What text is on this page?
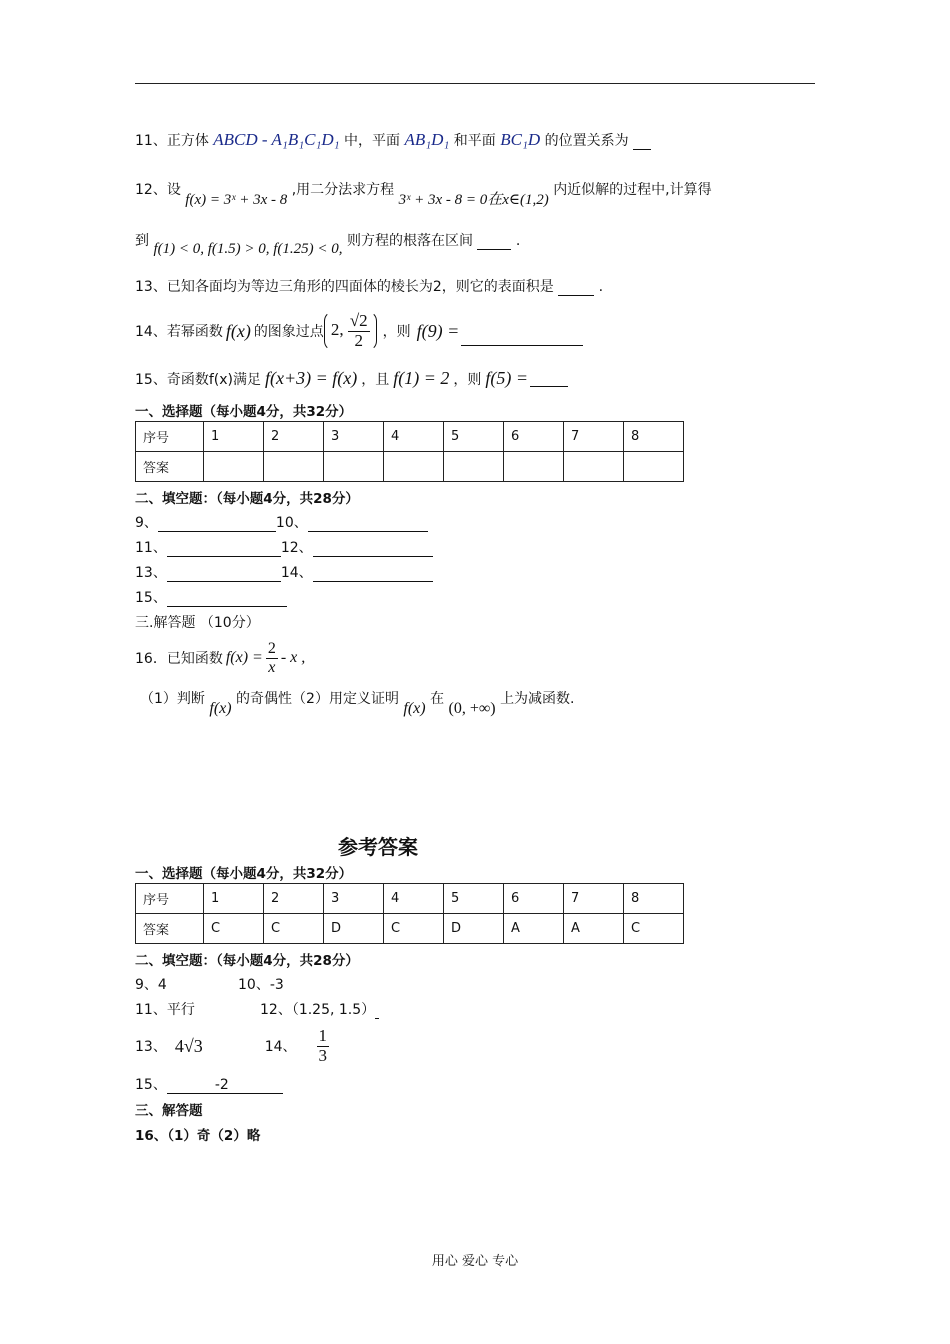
11、正方体 ABCD - A₁B₁C₁D₁ 中，平面 AB₁D₁ 和平面 BC₁D 的位置关系为
12、设 f(x) = 3ˣ + 3x - 8 ,用二分法求方程 3ˣ + 3x - 8 = 0在x∈(1,2) 内近似解的过程中,计算得
到 f(1) < 0, f(1.5) > 0, f(1.25) < 0, 则方程的根落在区间	.
13、已知各面均为等边三角形的四面体的棱长为2，则它的表面积是	.
14、若幂函数 f(x) 的图象过点 2, $\frac{√2}{2}$ ，则 f(9) =

15、奇函数f(x)满足 f(x+3) = f(x) ，且 f(1) = 2 ，则 f(5) =

一、选择题（每小题4分，共32分）
序号	1	2	3	4	5	6	7	8
答案								
二、填空题：（每小题4分，共28分）
9、	10、
11、	12、
13、	14、
15、
三.解答题 （10分）
16．已知函数 $f(x) = \frac{2}{x} - x$ ,
（1）判断 f(x) 的奇偶性（2）用定义证明 f(x) 在 (0, +∞) 上为减函数.
参考答案
一、选择题（每小题4分，共32分）
序号	1	2	3	4	5	6	7	8
答案	C	C	D	C	D	A	A	C
二、填空题：（每小题4分，共28分）
9、4	10、-3
11、平行	12、（1.25, 1.5）
13、 4√3	14、 $\frac{1}{3}$
15、	-2
三、解答题
16、（1）奇（2）略
用心 爱心 专心
